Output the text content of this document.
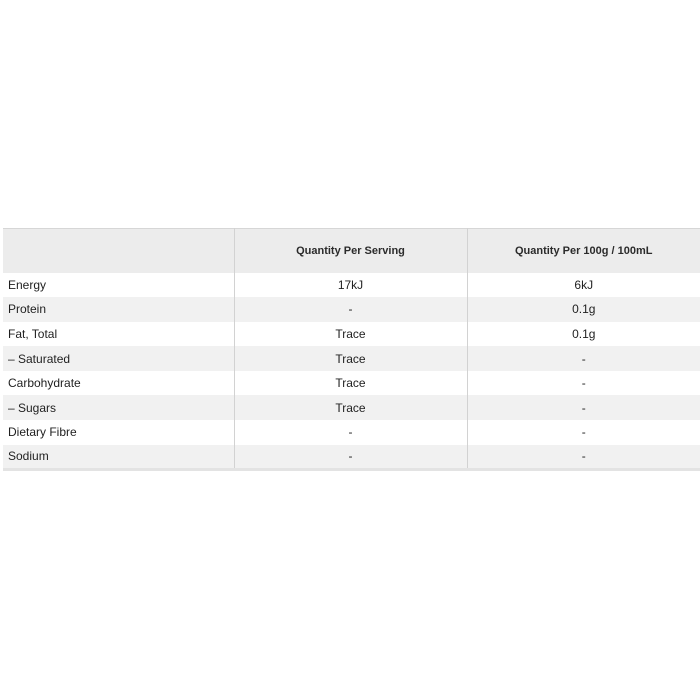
	Quantity Per Serving	Quantity Per 100g / 100mL
Energy	17kJ	6kJ
Protein	-	0.1g
Fat, Total	Trace	0.1g
– Saturated	Trace	-
Carbohydrate	Trace	-
– Sugars	Trace	-
Dietary Fibre	-	-
Sodium	-	-
